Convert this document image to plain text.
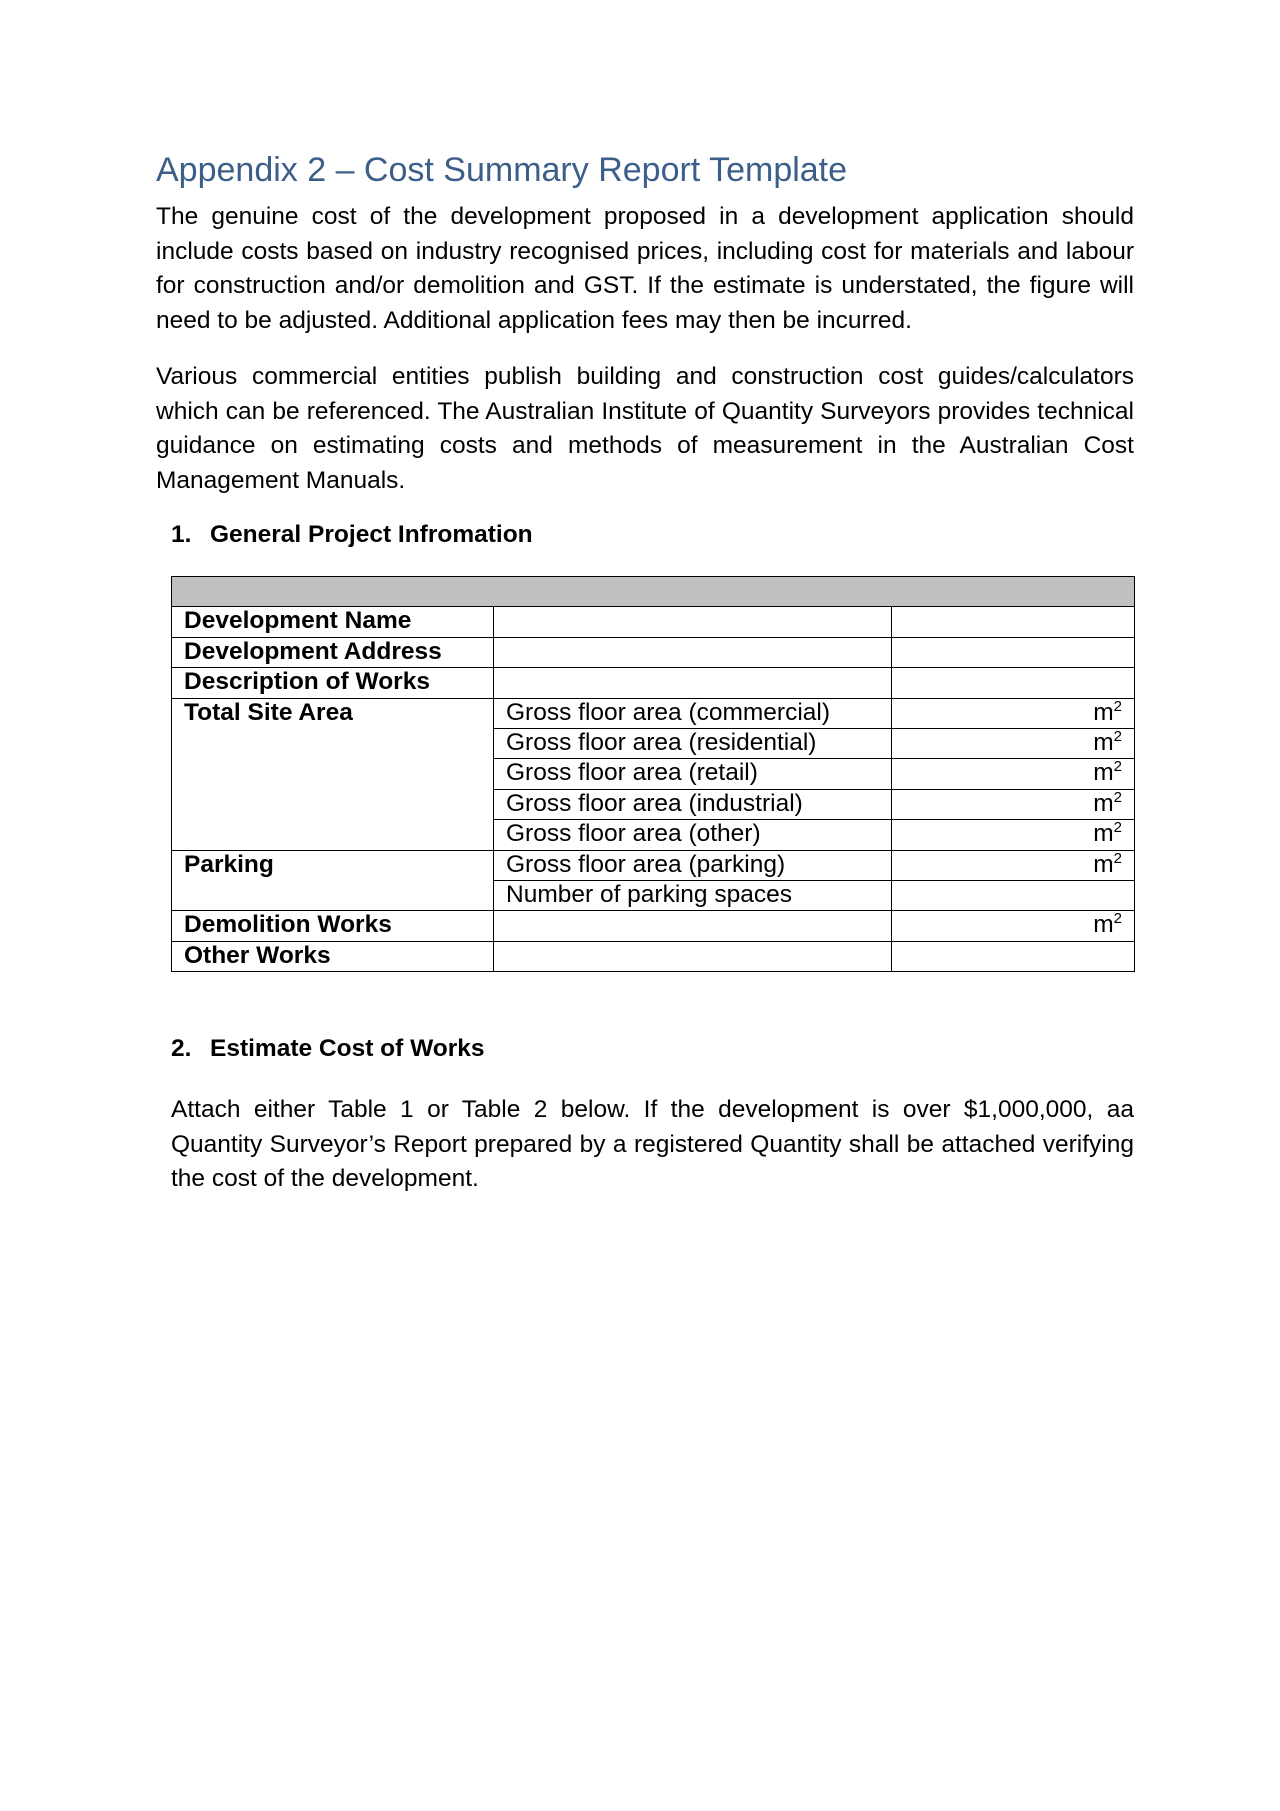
Appendix 2 – Cost Summary Report Template

The genuine cost of the development proposed in a development application should include costs based on industry recognised prices, including cost for materials and labour for construction and/or demolition and GST. If the estimate is understated, the figure will need to be adjusted. Additional application fees may then be incurred.

Various commercial entities publish building and construction cost guides/calculators which can be referenced. The Australian Institute of Quantity Surveyors provides technical guidance on estimating costs and methods of measurement in the Australian Cost Management Manuals.

1. General Project Infromation

Development Name		
Development Address		
Description of Works		
Total Site Area	Gross floor area (commercial)	$m^2$
	Gross floor area (residential)	$m^2$
	Gross floor area (retail)	$m^2$
	Gross floor area (industrial)	$m^2$
	Gross floor area (other)	$m^2$
Parking	Gross floor area (parking)	$m^2$
	Number of parking spaces	
Demolition Works		$m^2$
Other Works		
2. Estimate Cost of Works

Attach either Table 1 or Table 2 below. If the development is over $1,000,000, aa Quantity Surveyor’s Report prepared by a registered Quantity shall be attached verifying the cost of the development.
